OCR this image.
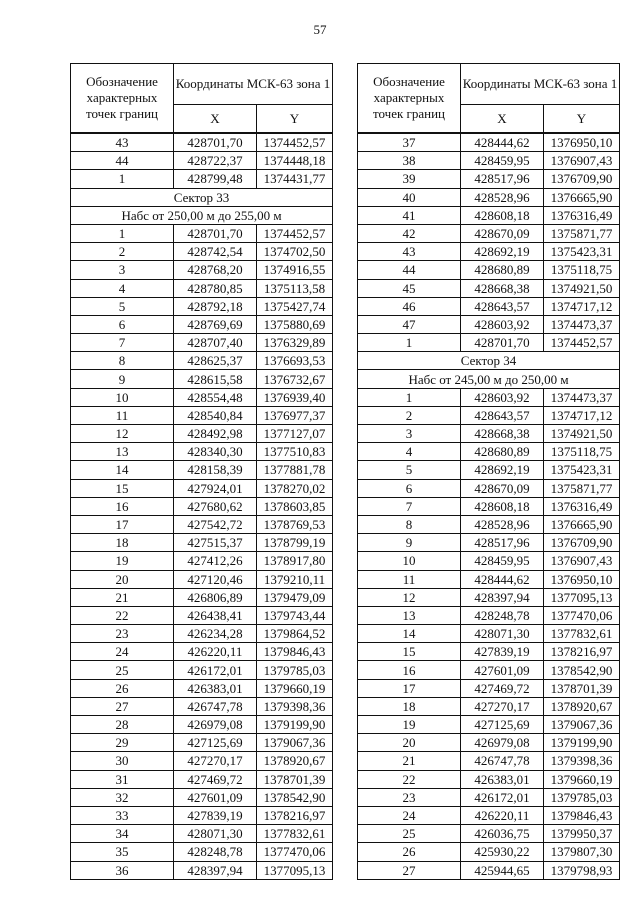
57
Обозначение характерных точек границ	Координаты МСК-63 зона 1	
	X	Y
43	428701,70	1374452,57
44	428722,37	1374448,18
1	428799,48	1374431,77
Сектор 33		
Набс от 250,00 м до 255,00 м		
1	428701,70	1374452,57
2	428742,54	1374702,50
3	428768,20	1374916,55
4	428780,85	1375113,58
5	428792,18	1375427,74
6	428769,69	1375880,69
7	428707,40	1376329,89
8	428625,37	1376693,53
9	428615,58	1376732,67
10	428554,48	1376939,40
11	428540,84	1376977,37
12	428492,98	1377127,07
13	428340,30	1377510,83
14	428158,39	1377881,78
15	427924,01	1378270,02
16	427680,62	1378603,85
17	427542,72	1378769,53
18	427515,37	1378799,19
19	427412,26	1378917,80
20	427120,46	1379210,11
21	426806,89	1379479,09
22	426438,41	1379743,44
23	426234,28	1379864,52
24	426220,11	1379846,43
25	426172,01	1379785,03
26	426383,01	1379660,19
27	426747,78	1379398,36
28	426979,08	1379199,90
29	427125,69	1379067,36
30	427270,17	1378920,67
31	427469,72	1378701,39
32	427601,09	1378542,90
33	427839,19	1378216,97
34	428071,30	1377832,61
35	428248,78	1377470,06
36	428397,94	1377095,13
Обозначение характерных точек границ	Координаты МСК-63 зона 1	
	X	Y
37	428444,62	1376950,10
38	428459,95	1376907,43
39	428517,96	1376709,90
40	428528,96	1376665,90
41	428608,18	1376316,49
42	428670,09	1375871,77
43	428692,19	1375423,31
44	428680,89	1375118,75
45	428668,38	1374921,50
46	428643,57	1374717,12
47	428603,92	1374473,37
1	428701,70	1374452,57
Сектор 34		
Набс от 245,00 м до 250,00 м		
1	428603,92	1374473,37
2	428643,57	1374717,12
3	428668,38	1374921,50
4	428680,89	1375118,75
5	428692,19	1375423,31
6	428670,09	1375871,77
7	428608,18	1376316,49
8	428528,96	1376665,90
9	428517,96	1376709,90
10	428459,95	1376907,43
11	428444,62	1376950,10
12	428397,94	1377095,13
13	428248,78	1377470,06
14	428071,30	1377832,61
15	427839,19	1378216,97
16	427601,09	1378542,90
17	427469,72	1378701,39
18	427270,17	1378920,67
19	427125,69	1379067,36
20	426979,08	1379199,90
21	426747,78	1379398,36
22	426383,01	1379660,19
23	426172,01	1379785,03
24	426220,11	1379846,43
25	426036,75	1379950,37
26	425930,22	1379807,30
27	425944,65	1379798,93
